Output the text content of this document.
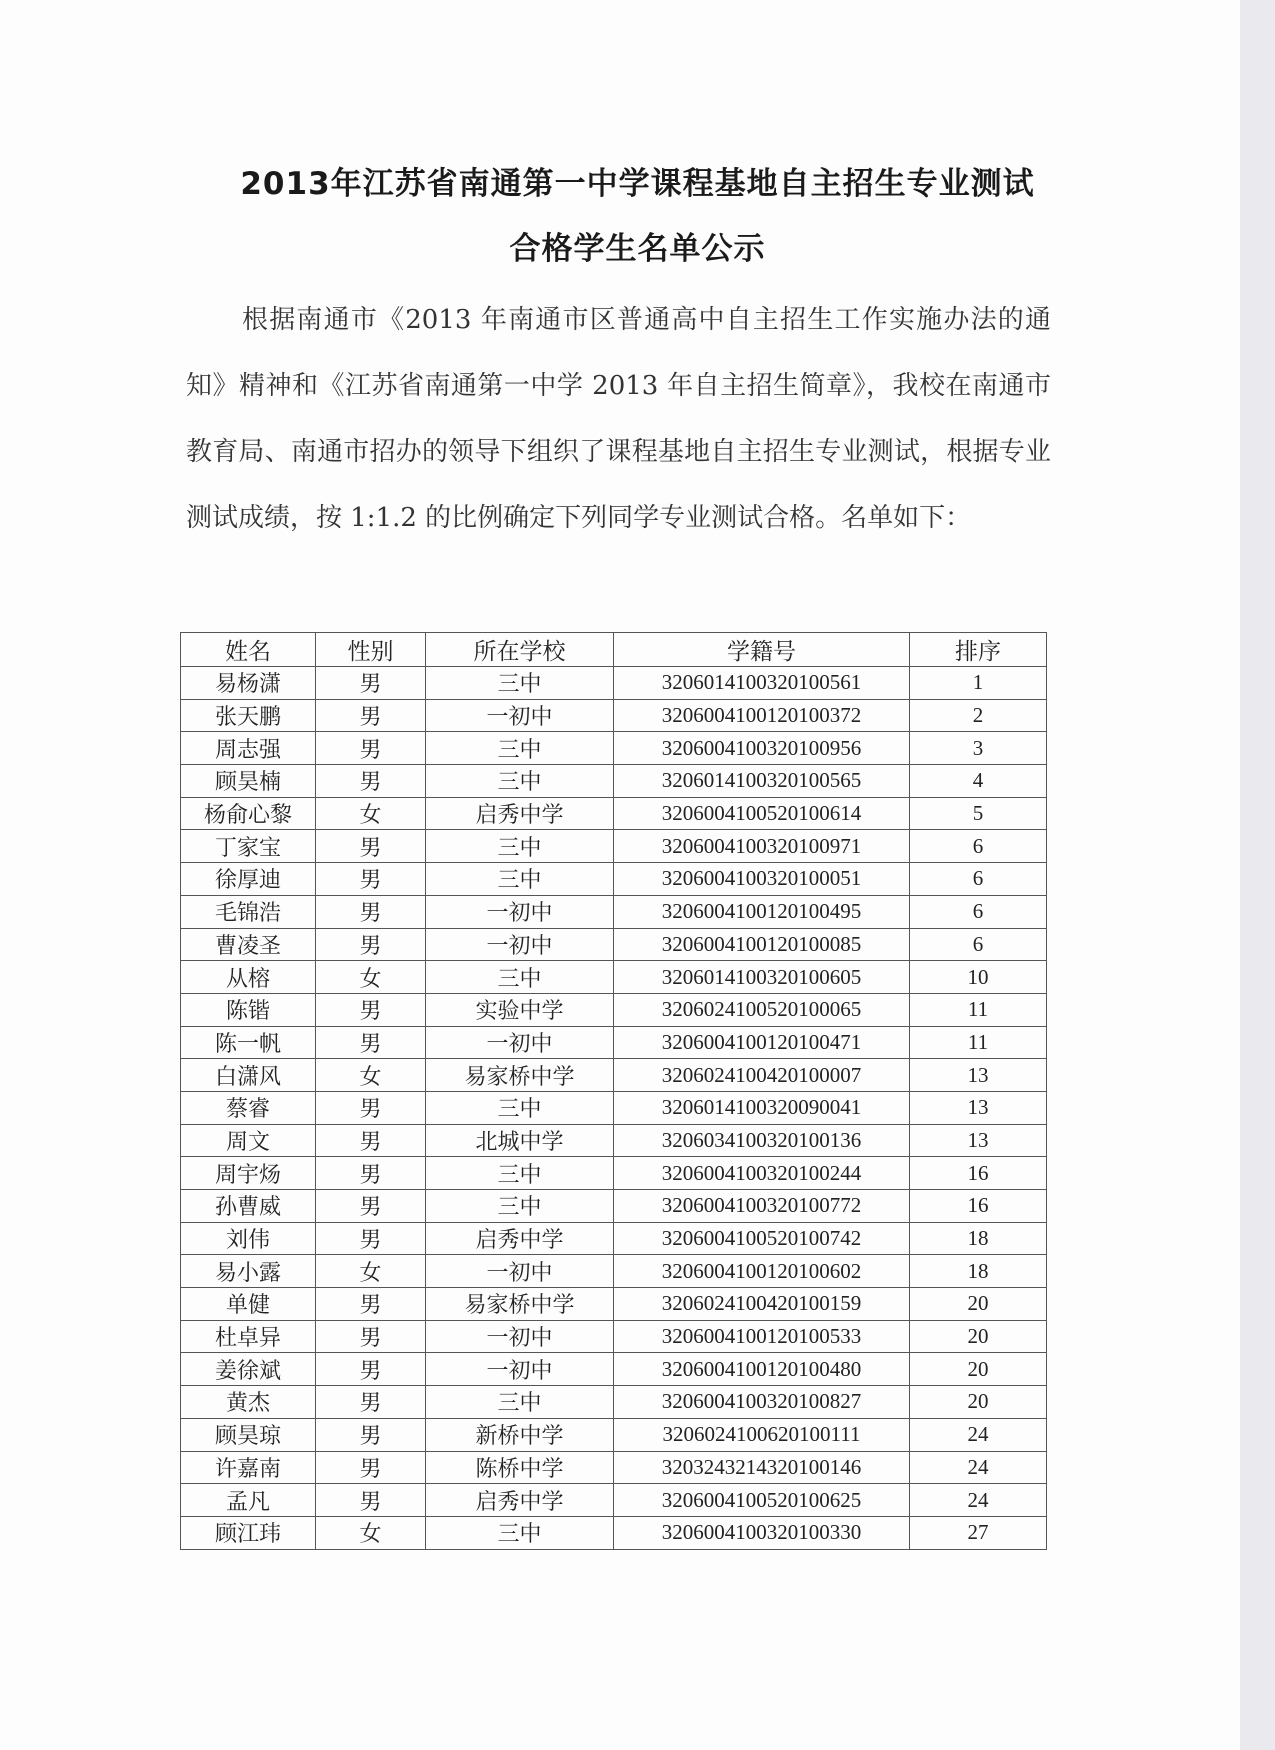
2013年江苏省南通第一中学课程基地自主招生专业测试
合格学生名单公示

根据南通市《2013 年南通市区普通高中自主招生工作实施办法的通知》精神和《江苏省南通第一中学 2013 年自主招生简章》，我校在南通市教育局、南通市招办的领导下组织了课程基地自主招生专业测试，根据专业测试成绩，按 1:1.2 的比例确定下列同学专业测试合格。名单如下：

姓名	性别	所在学校	学籍号	排序
易杨潇	男	三中	3206014100320100561	1
张天鹏	男	一初中	3206004100120100372	2
周志强	男	三中	3206004100320100956	3
顾昊楠	男	三中	3206014100320100565	4
杨俞心黎	女	启秀中学	3206004100520100614	5
丁家宝	男	三中	3206004100320100971	6
徐厚迪	男	三中	3206004100320100051	6
毛锦浩	男	一初中	3206004100120100495	6
曹凌圣	男	一初中	3206004100120100085	6
从榕	女	三中	3206014100320100605	10
陈锴	男	实验中学	3206024100520100065	11
陈一帆	男	一初中	3206004100120100471	11
白潇风	女	易家桥中学	3206024100420100007	13
蔡睿	男	三中	3206014100320090041	13
周文	男	北城中学	3206034100320100136	13
周宇炀	男	三中	3206004100320100244	16
孙曹威	男	三中	3206004100320100772	16
刘伟	男	启秀中学	3206004100520100742	18
易小露	女	一初中	3206004100120100602	18
单健	男	易家桥中学	3206024100420100159	20
杜卓异	男	一初中	3206004100120100533	20
姜徐斌	男	一初中	3206004100120100480	20
黄杰	男	三中	3206004100320100827	20
顾昊琼	男	新桥中学	3206024100620100111	24
许嘉南	男	陈桥中学	3203243214320100146	24
孟凡	男	启秀中学	3206004100520100625	24
顾江玮	女	三中	3206004100320100330	27
